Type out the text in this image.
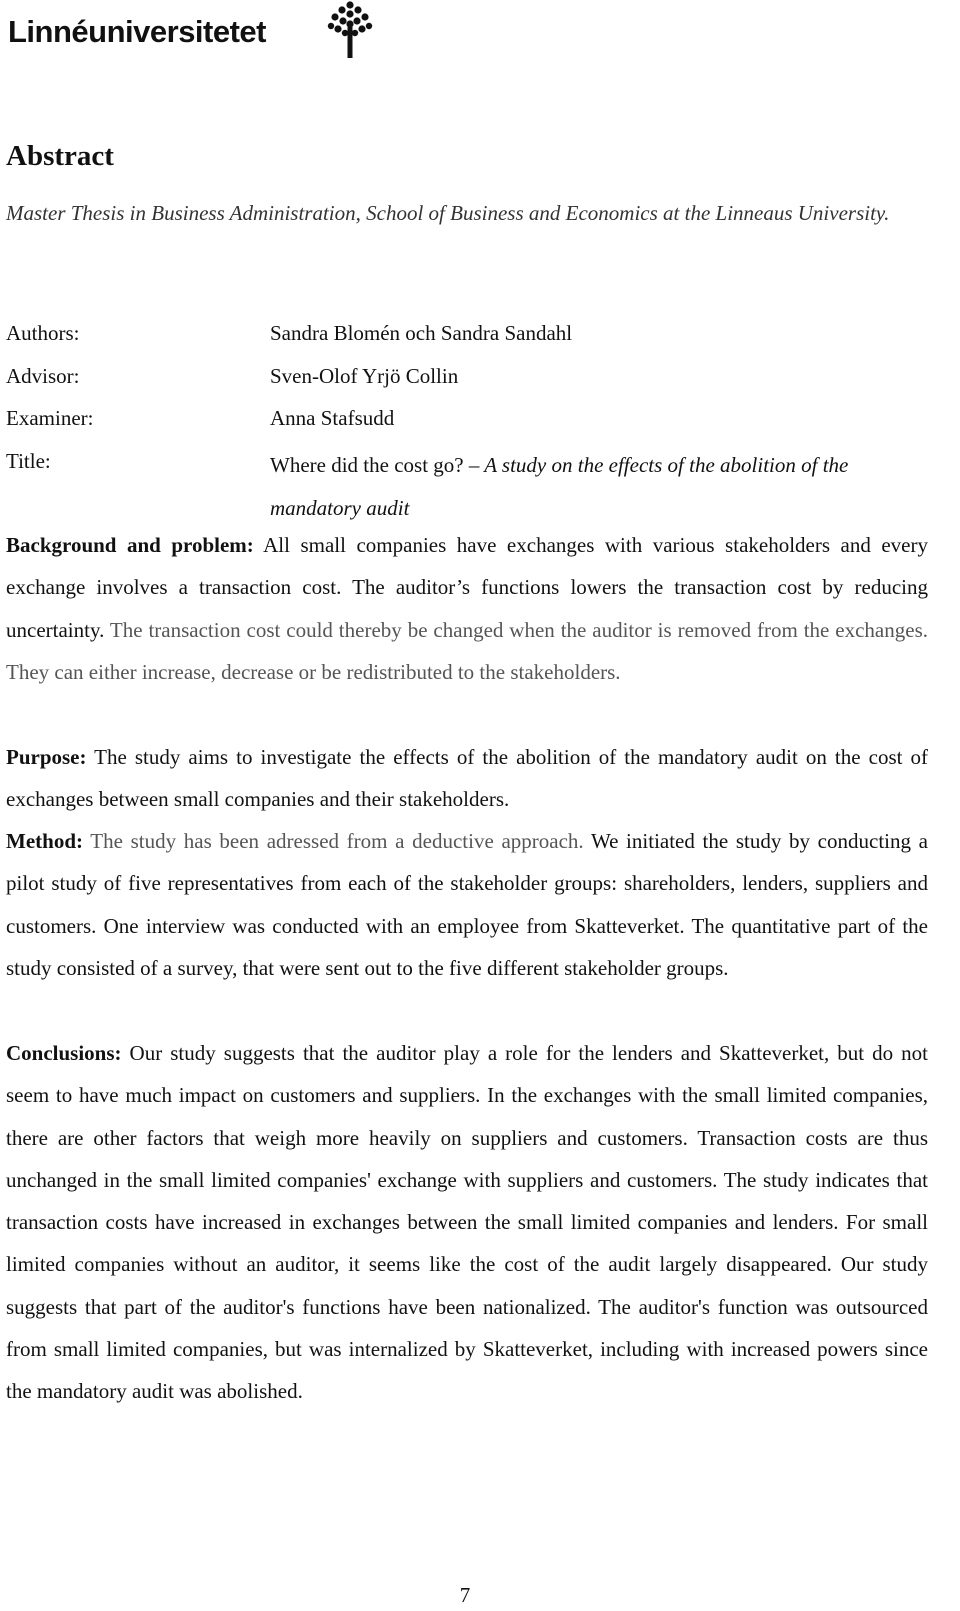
Linnéuniversitetet
Abstract
Master Thesis in Business Administration, School of Business and Economics at the Linneaus University.
Authors:	Sandra Blomén och Sandra Sandahl
Advisor:	Sven-Olof Yrjö Collin
Examiner:	Anna Stafsudd
Title:	Where did the cost go? – A study on the effects of the abolition of the mandatory audit

Background and problem: All small companies have exchanges with various stakeholders and every exchange involves a transaction cost. The auditor’s functions lowers the transaction cost by reducing uncertainty. The transaction cost could thereby be changed when the auditor is removed from the exchanges. They can either increase, decrease or be redistributed to the stakeholders.

Purpose: The study aims to investigate the effects of the abolition of the mandatory audit on the cost of exchanges between small companies and their stakeholders.

Method: The study has been adressed from a deductive approach. We initiated the study by conducting a pilot study of five representatives from each of the stakeholder groups: shareholders, lenders, suppliers and customers. One interview was conducted with an employee from Skatteverket. The quantitative part of the study consisted of a survey, that were sent out to the five different stakeholder groups.

Conclusions: Our study suggests that the auditor play a role for the lenders and Skatteverket, but do not seem to have much impact on customers and suppliers. In the exchanges with the small limited companies, there are other factors that weigh more heavily on suppliers and customers. Transaction costs are thus unchanged in the small limited companies' exchange with suppliers and customers. The study indicates that transaction costs have increased in exchanges between the small limited companies and lenders. For small limited companies without an auditor, it seems like the cost of the audit largely disappeared. Our study suggests that part of the auditor's functions have been nationalized. The auditor's function was outsourced from small limited companies, but was internalized by Skatteverket, including with increased powers since the mandatory audit was abolished.

7
